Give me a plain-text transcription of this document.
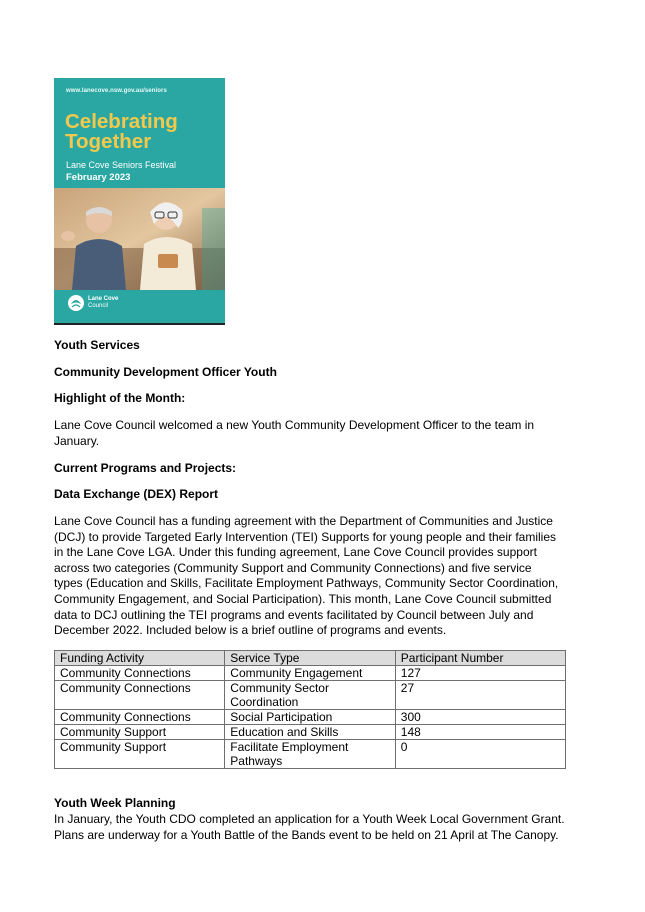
www.lanecove.nsw.gov.au/seniors
Celebrating
Together
Lane Cove Seniors Festival
February 2023
Lane Cove
Council
Youth Services
Community Development Officer Youth
Highlight of the Month:
Lane Cove Council welcomed a new Youth Community Development Officer to the team in January.
Current Programs and Projects:
Data Exchange (DEX) Report
Lane Cove Council has a funding agreement with the Department of Communities and Justice (DCJ) to provide Targeted Early Intervention (TEI) Supports for young people and their families in the Lane Cove LGA. Under this funding agreement, Lane Cove Council provides support across two categories (Community Support and Community Connections) and five service types (Education and Skills, Facilitate Employment Pathways, Community Sector Coordination, Community Engagement, and Social Participation). This month, Lane Cove Council submitted data to DCJ outlining the TEI programs and events facilitated by Council between July and December 2022. Included below is a brief outline of programs and events.
Funding Activity	Service Type	Participant Number
Community Connections	Community Engagement	127
Community Connections	Community Sector Coordination	27
Community Connections	Social Participation	300
Community Support	Education and Skills	148
Community Support	Facilitate Employment Pathways	0
Youth Week Planning
In January, the Youth CDO completed an application for a Youth Week Local Government Grant. Plans are underway for a Youth Battle of the Bands event to be held on 21 April at The Canopy.
